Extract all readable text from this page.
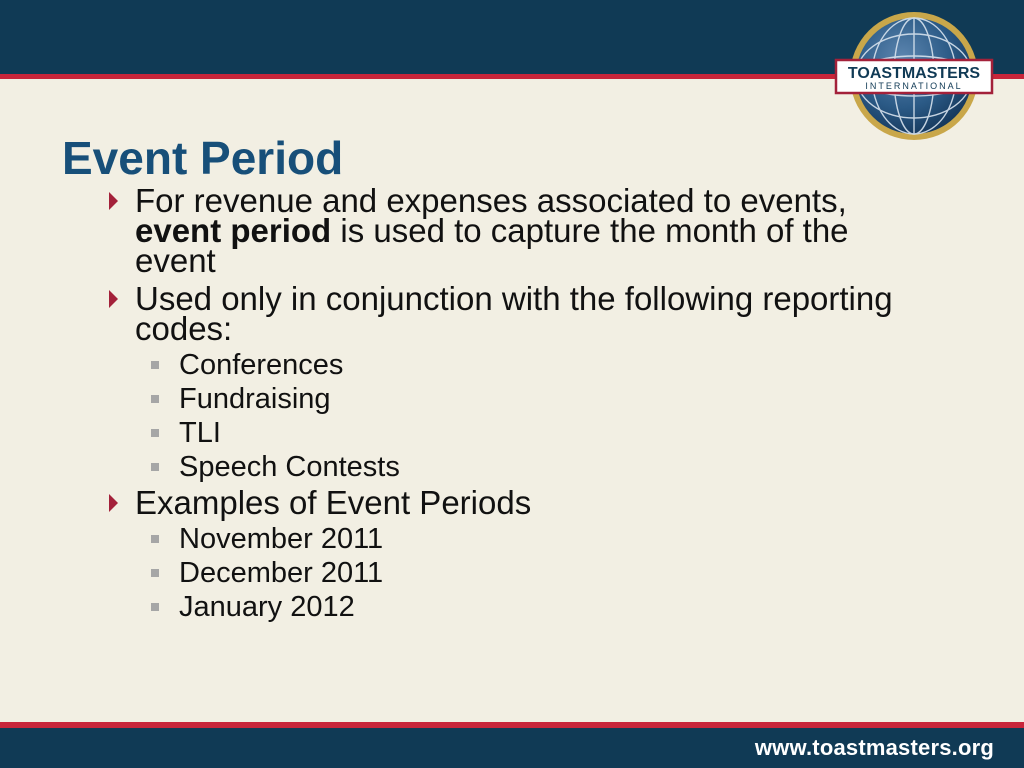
TOASTMASTERS
INTERNATIONAL
Event Period
For revenue and expenses associated to events, event period is used to capture the month of the event
Used only in conjunction with the following reporting codes:
Conferences
Fundraising
TLI
Speech Contests
Examples of Event Periods
November 2011
December 2011
January 2012
www.toastmasters.org
